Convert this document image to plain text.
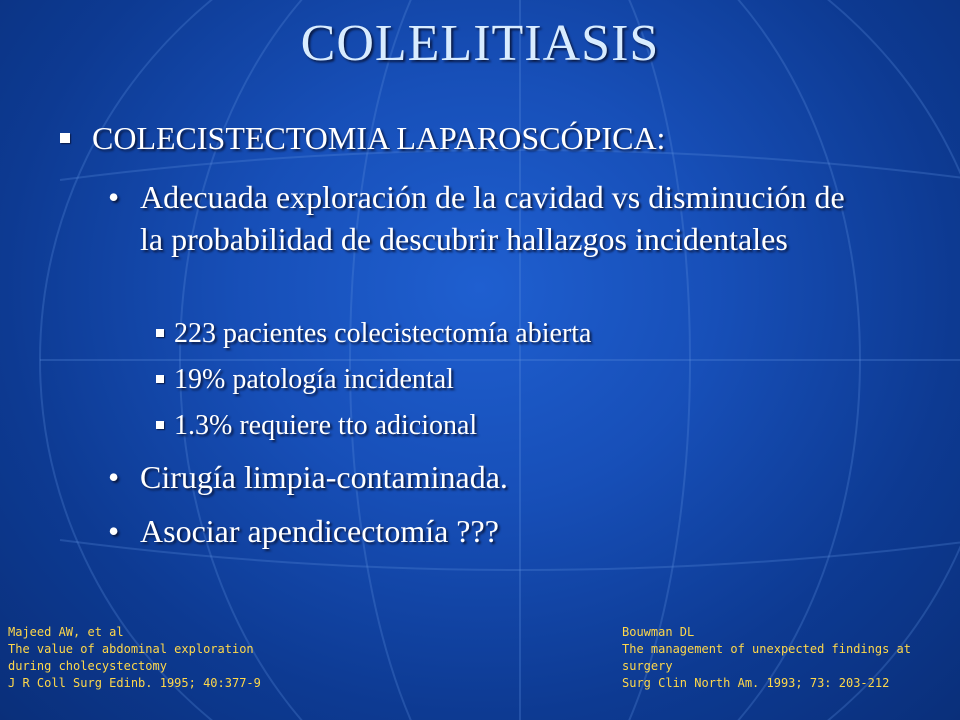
COLELITIASIS
COLECISTECTOMIA LAPAROSCÓPICA:
• Adecuada exploración de la cavidad vs disminución de la probabilidad de descubrir hallazgos incidentales
223 pacientes colecistectomía abierta
19% patología incidental
1.3% requiere tto adicional
• Cirugía limpia-contaminada.
• Asociar apendicectomía ???
Majeed AW, et al
The value of abdominal exploration
during cholecystectomy
J R Coll Surg Edinb. 1995; 40:377-9
Bouwman DL
The management of unexpected findings at
surgery
Surg Clin North Am. 1993; 73: 203-212
